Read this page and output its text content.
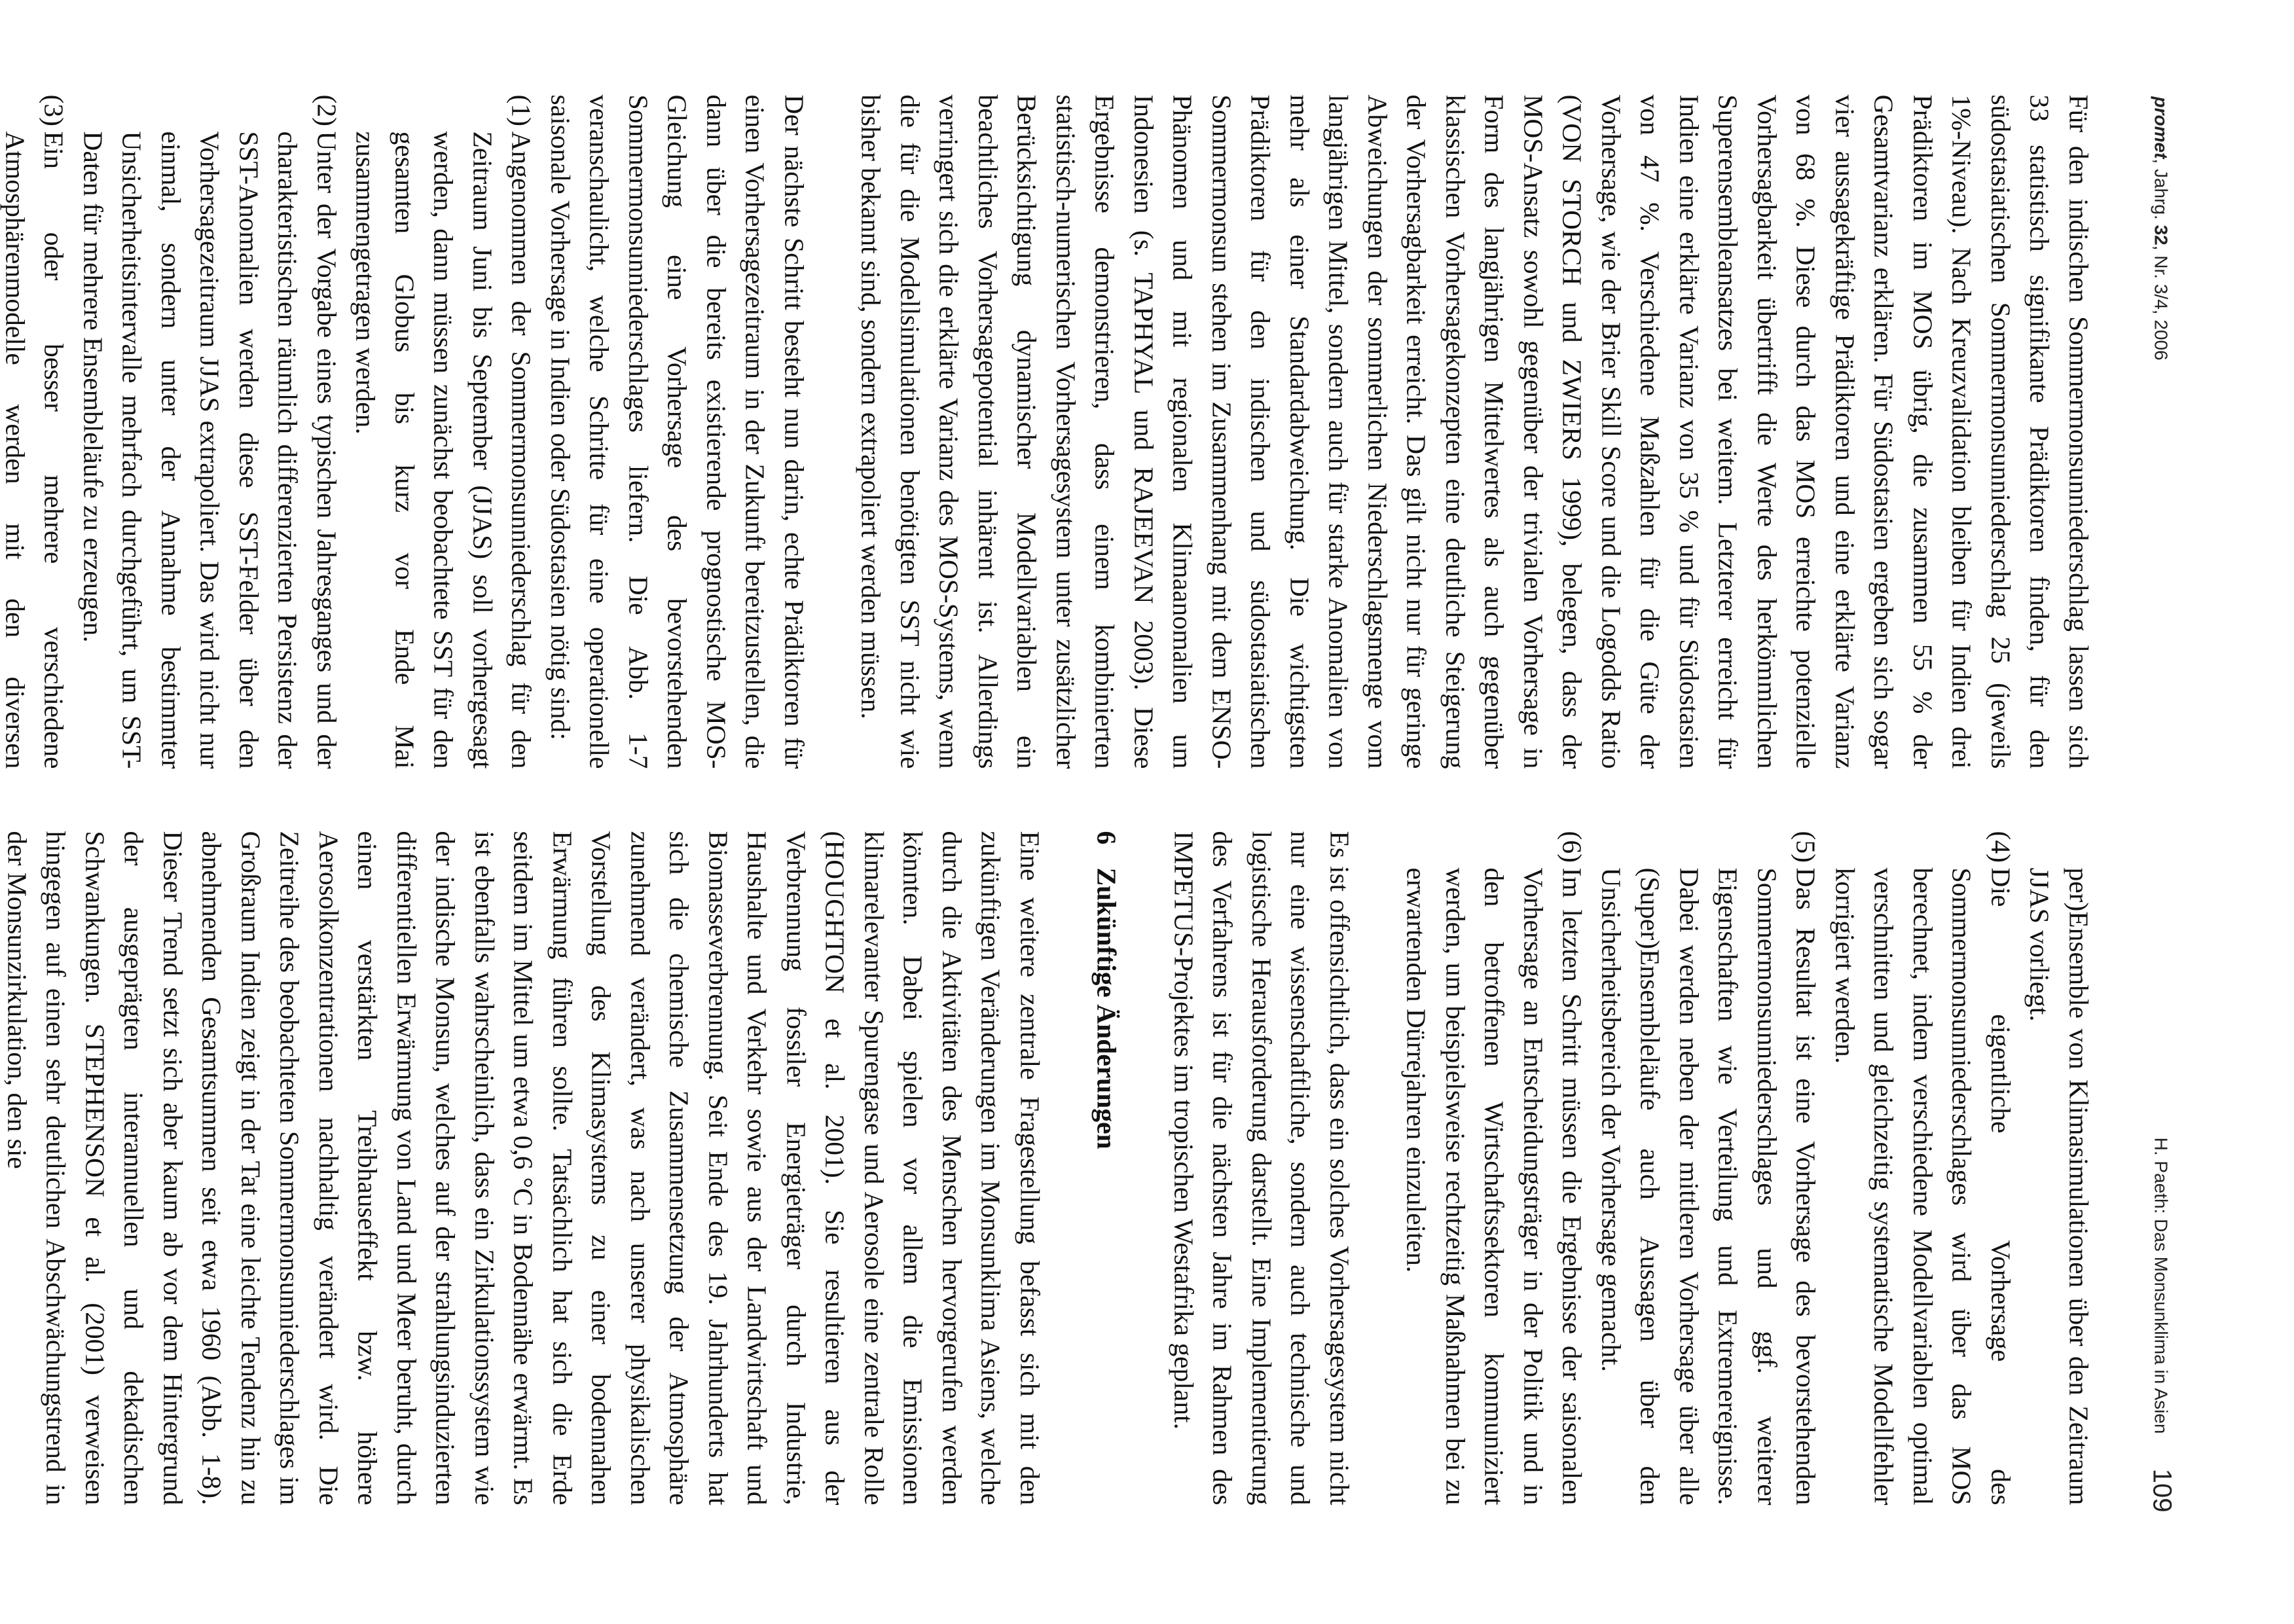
promet, Jahrg. 32, Nr. 3/4, 2006
H. Paeth: Das Monsunklima in Asien
109

Für den indischen Sommermonsunniederschlag lassen sich 33 statistisch signifikante Prädiktoren finden, für den südostasiatischen Sommermonsunniederschlag 25 (jeweils 1%-Niveau). Nach Kreuzvalidation bleiben für Indien drei Prädiktoren im MOS übrig, die zusammen 55 % der Gesamtvarianz erklären. Für Südostasien ergeben sich sogar vier aussagekräftige Prädiktoren und eine erklärte Varianz von 68 %. Diese durch das MOS erreichte potenzielle Vorhersagbarkeit übertrifft die Werte des herkömmlichen Superensembleansatzes bei weitem. Letzterer erreicht für Indien eine erklärte Varianz von 35 % und für Südostasien von 47 %. Verschiedene Maßzahlen für die Güte der Vorhersage, wie der Brier Skill Score und die Logodds Ratio (VON STORCH und ZWIERS 1999), belegen, dass der MOS-Ansatz sowohl gegenüber der trivialen Vorhersage in Form des langjährigen Mittelwertes als auch gegenüber klassischen Vorhersagekonzepten eine deutliche Steigerung der Vorhersagbarkeit erreicht. Das gilt nicht nur für geringe Abweichungen der sommerlichen Niederschlagsmenge vom langjährigen Mittel, sondern auch für starke Anomalien von mehr als einer Standardabweichung. Die wichtigsten Prädiktoren für den indischen und südostasiatischen Sommermonsun stehen im Zusammenhang mit dem ENSO-Phänomen und mit regionalen Klimaanomalien um Indonesien (s. TAPHYAL und RAJEEVAN 2003). Diese Ergebnisse demonstrieren, dass einem kombinierten statistisch-numerischen Vorhersagesystem unter zusätzlicher Berücksichtigung dynamischer Modellvariablen ein beachtliches Vorhersagepotential inhärent ist. Allerdings verringert sich die erklärte Varianz des MOS-Systems, wenn die für die Modellsimulationen benötigten SST nicht wie bisher bekannt sind, sondern extrapoliert werden müssen.

Der nächste Schritt besteht nun darin, echte Prädiktoren für einen Vorhersagezeitraum in der Zukunft bereitzustellen, die dann über die bereits existierende prognostische MOS-Gleichung eine Vorhersage des bevorstehenden Sommermonsunniederschlages liefern. Die Abb. 1-7 veranschaulicht, welche Schritte für eine operationelle saisonale Vorhersage in Indien oder Südostasien nötig sind:

(1)
Angenommen der Sommermonsunniederschlag für den Zeitraum Juni bis September (JJAS) soll vorhergesagt werden, dann müssen zunächst beobachtete SST für den gesamten Globus bis kurz vor Ende Mai zusammengetragen werden.
(2)
Unter der Vorgabe eines typischen Jahresganges und der charakteristischen räumlich differenzierten Persistenz der SST-Anomalien werden diese SST-Felder über den Vorhersagezeitraum JJAS extrapoliert. Das wird nicht nur einmal, sondern unter der Annahme bestimmter Unsicherheitsintervalle mehrfach durchgeführt, um SST-Daten für mehrere Ensembleläufe zu erzeugen.
(3)
Ein oder besser mehrere verschiedene Atmosphärenmodelle werden mit den diversen
per)Ensemble von Klimasimulationen über den Zeitraum JJAS vorliegt.
(4)
Die eigentliche Vorhersage des Sommermonsunniederschlages wird über das MOS berechnet, indem verschiedene Modellvariablen optimal verschnitten und gleichzeitig systematische Modellfehler korrigiert werden.
(5)
Das Resultat ist eine Vorhersage des bevorstehenden Sommermonsunniederschlages und ggf. weiterer Eigenschaften wie Verteilung und Extremereignisse. Dabei werden neben der mittleren Vorhersage über alle (Super)Ensembleläufe auch Aussagen über den Unsicherheitsbereich der Vorhersage gemacht.
(6)
Im letzten Schritt müssen die Ergebnisse der saisonalen Vorhersage an Entscheidungsträger in der Politik und in den betroffenen Wirtschaftssektoren kommuniziert werden, um beispielsweise rechtzeitig Maßnahmen bei zu erwartenden Dürrejahren einzuleiten.

Es ist offensichtlich, dass ein solches Vorhersagesystem nicht nur eine wissenschaftliche, sondern auch technische und logistische Herausforderung darstellt. Eine Implementierung des Verfahrens ist für die nächsten Jahre im Rahmen des IMPETUS-Projektes im tropischen Westafrika geplant.

6Zukünftige Änderungen

Eine weitere zentrale Fragestellung befasst sich mit den zukünftigen Veränderungen im Monsunklima Asiens, welche durch die Aktivitäten des Menschen hervorgerufen werden könnten. Dabei spielen vor allem die Emissionen klimarelevanter Spurengase und Aerosole eine zentrale Rolle (HOUGHTON et al. 2001). Sie resultieren aus der Verbrennung fossiler Energieträger durch Industrie, Haushalte und Verkehr sowie aus der Landwirtschaft und Biomasseverbrennung. Seit Ende des 19. Jahrhunderts hat sich die chemische Zusammensetzung der Atmosphäre zunehmend verändert, was nach unserer physikalischen Vorstellung des Klimasystems zu einer bodennahen Erwärmung führen sollte. Tatsächlich hat sich die Erde seitdem im Mittel um etwa 0,6 °C in Bodennähe erwärmt. Es ist ebenfalls wahrscheinlich, dass ein Zirkulationssystem wie der indische Monsun, welches auf der strahlungsinduzierten differentiellen Erwärmung von Land und Meer beruht, durch einen verstärkten Treibhauseffekt bzw. höhere Aerosolkonzentrationen nachhaltig verändert wird. Die Zeitreihe des beobachteten Sommermonsunniederschlages im Großraum Indien zeigt in der Tat eine leichte Tendenz hin zu abnehmenden Gesamtsummen seit etwa 1960 (Abb. 1-8). Dieser Trend setzt sich aber kaum ab vor dem Hintergrund der ausgeprägten interannuellen und dekadischen Schwankungen. STEPHENSON et al. (2001) verweisen hingegen auf einen sehr deutlichen Abschwächungstrend in der Monsunzirkulation, den sie
